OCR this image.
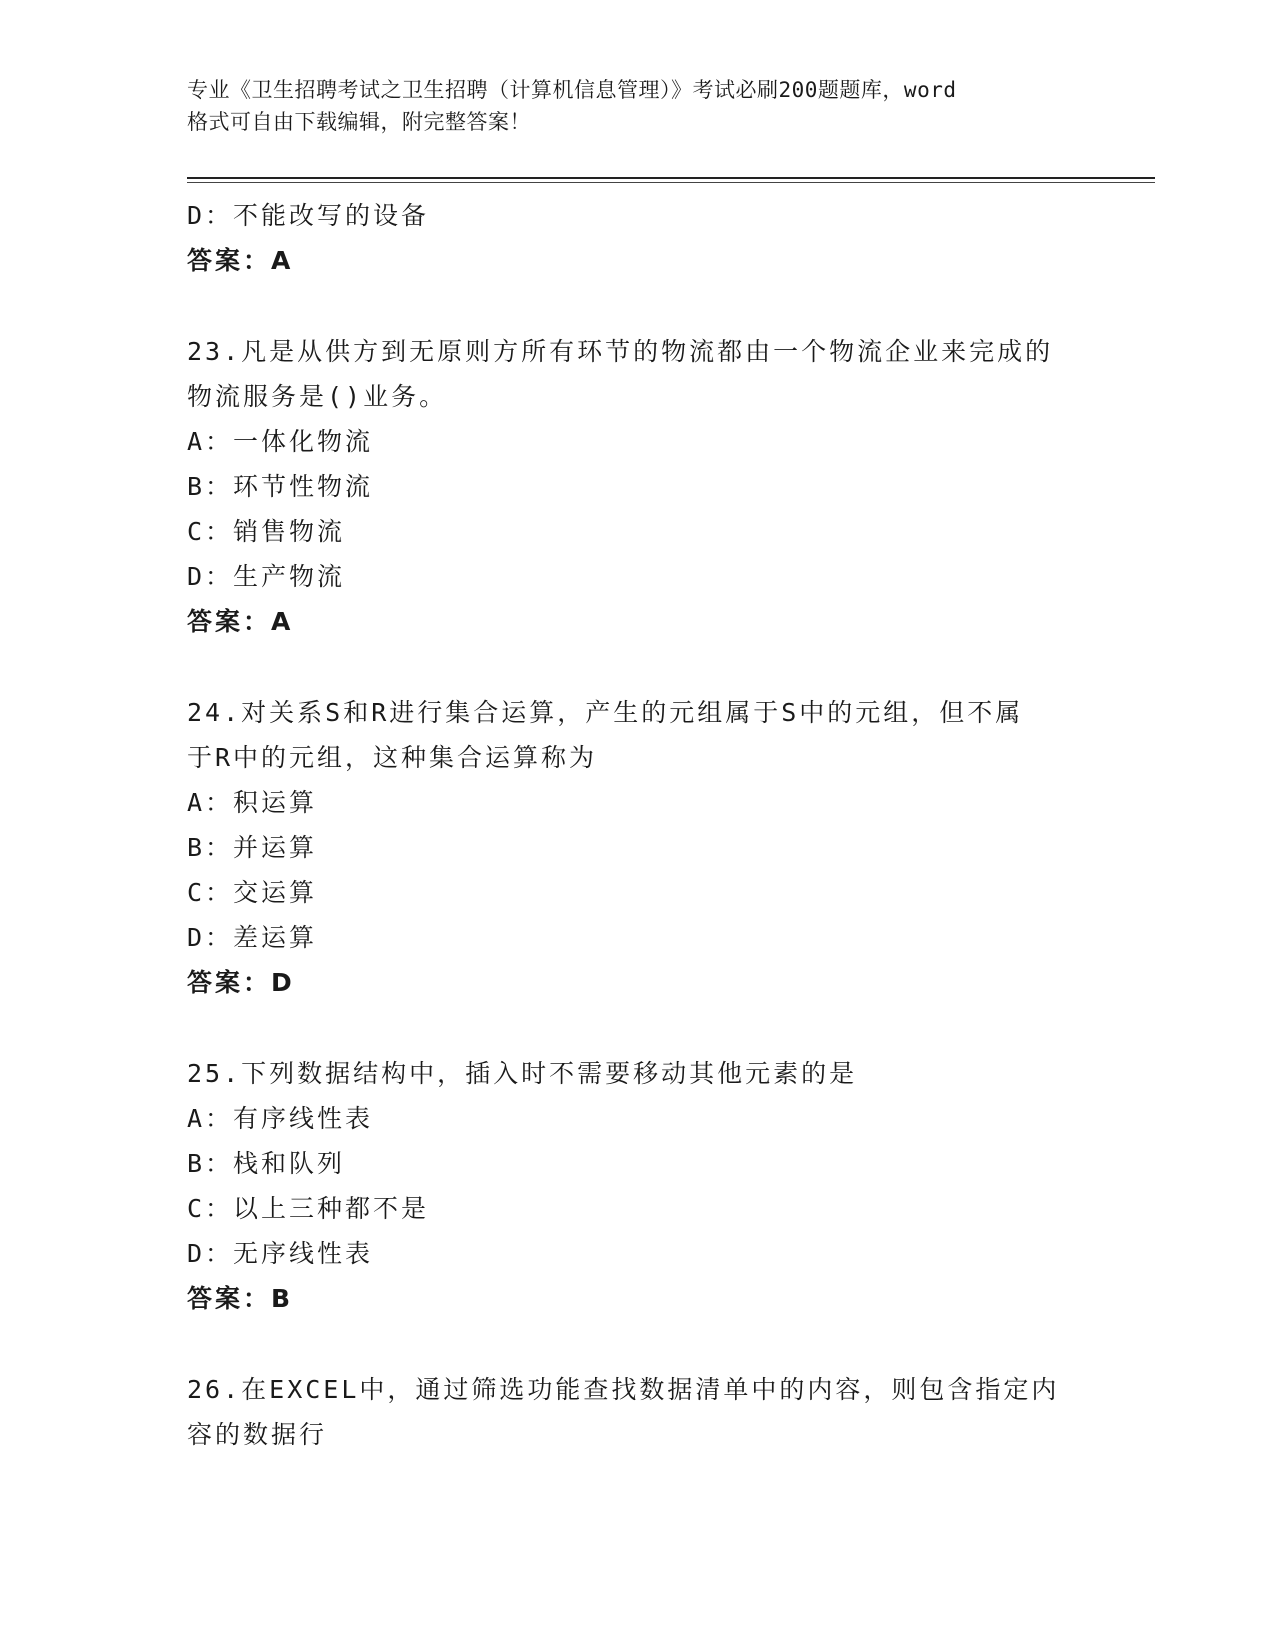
专业《卫生招聘考试之卫生招聘（计算机信息管理）》考试必刷200题题库，word
格式可自由下载编辑，附完整答案！
D：不能改写的设备
答案：A
23.凡是从供方到无原则方所有环节的物流都由一个物流企业来完成的
物流服务是()业务。
A：一体化物流
B：环节性物流
C：销售物流
D：生产物流
答案：A
24.对关系S和R进行集合运算，产生的元组属于S中的元组，但不属
于R中的元组，这种集合运算称为
A：积运算
B：并运算
C：交运算
D：差运算
答案：D
25.下列数据结构中，插入时不需要移动其他元素的是
A：有序线性表
B：栈和队列
C：以上三种都不是
D：无序线性表
答案：B
26.在EXCEL中，通过筛选功能查找数据清单中的内容，则包含指定内
容的数据行
